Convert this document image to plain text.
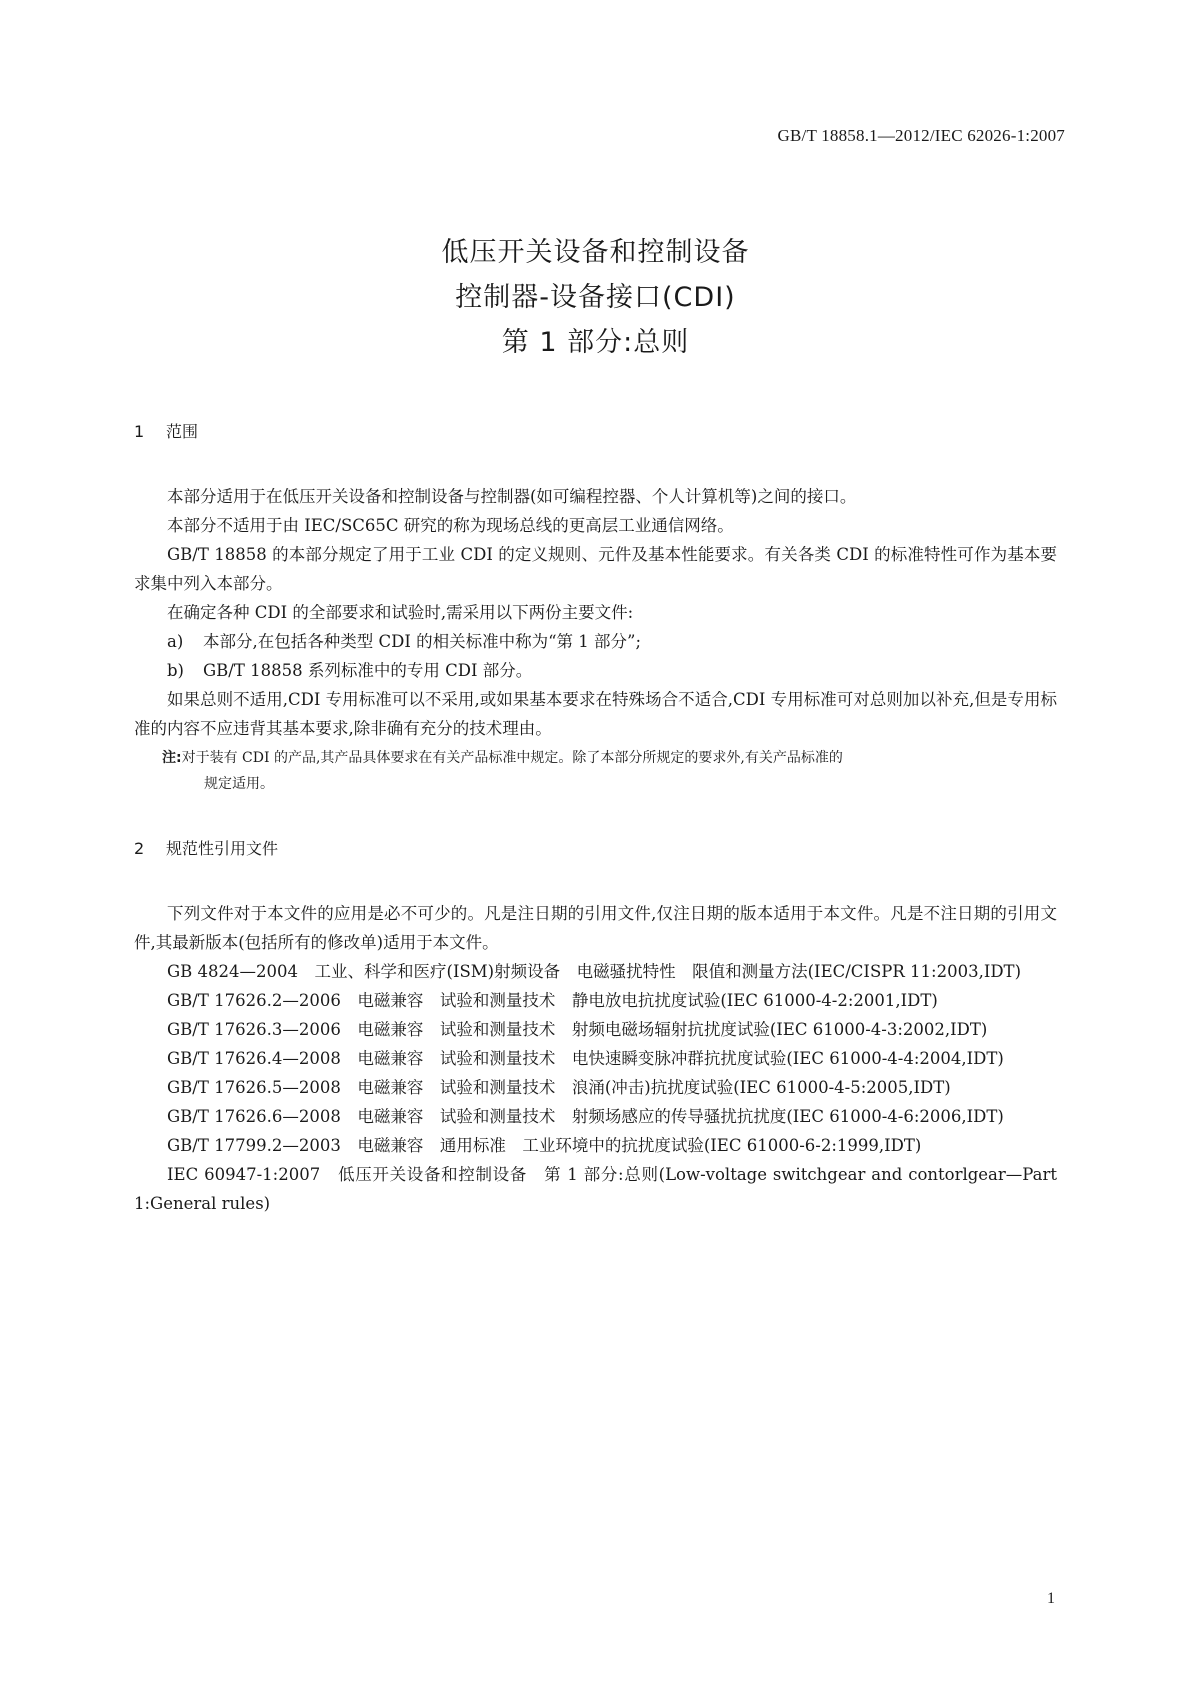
GB/T 18858.1—2012/IEC 62026-1:2007
低压开关设备和控制设备
控制器-设备接口(CDI)
第 1 部分:总则
1 范围

本部分适用于在低压开关设备和控制设备与控制器(如可编程控器、个人计算机等)之间的接口。

本部分不适用于由 IEC/SC65C 研究的称为现场总线的更高层工业通信网络。

GB/T 18858 的本部分规定了用于工业 CDI 的定义规则、元件及基本性能要求。有关各类 CDI 的标准特性可作为基本要求集中列入本部分。

在确定各种 CDI 的全部要求和试验时,需采用以下两份主要文件:

a) 本部分,在包括各种类型 CDI 的相关标准中称为“第 1 部分”;

b) GB/T 18858 系列标准中的专用 CDI 部分。

如果总则不适用,CDI 专用标准可以不采用,或如果基本要求在特殊场合不适合,CDI 专用标准可对总则加以补充,但是专用标准的内容不应违背其基本要求,除非确有充分的技术理由。

注:对于装有 CDI 的产品,其产品具体要求在有关产品标准中规定。除了本部分所规定的要求外,有关产品标准的
规定适用。
2 规范性引用文件

下列文件对于本文件的应用是必不可少的。凡是注日期的引用文件,仅注日期的版本适用于本文件。凡是不注日期的引用文件,其最新版本(包括所有的修改单)适用于本文件。

GB 4824—2004　工业、科学和医疗(ISM)射频设备　电磁骚扰特性　限值和测量方法(IEC/CISPR 11:2003,IDT)

GB/T 17626.2—2006　电磁兼容　试验和测量技术　静电放电抗扰度试验(IEC 61000-4-2:2001,IDT)

GB/T 17626.3—2006　电磁兼容　试验和测量技术　射频电磁场辐射抗扰度试验(IEC 61000-4-3:2002,IDT)

GB/T 17626.4—2008　电磁兼容　试验和测量技术　电快速瞬变脉冲群抗扰度试验(IEC 61000-4-4:2004,IDT)

GB/T 17626.5—2008　电磁兼容　试验和测量技术　浪涌(冲击)抗扰度试验(IEC 61000-4-5:2005,IDT)

GB/T 17626.6—2008　电磁兼容　试验和测量技术　射频场感应的传导骚扰抗扰度(IEC 61000-4-6:2006,IDT)

GB/T 17799.2—2003　电磁兼容　通用标准　工业环境中的抗扰度试验(IEC 61000-6-2:1999,IDT)

IEC 60947-1:2007　低压开关设备和控制设备　第 1 部分:总则(Low-voltage switchgear and contorlgear—Part 1:General rules)

1
